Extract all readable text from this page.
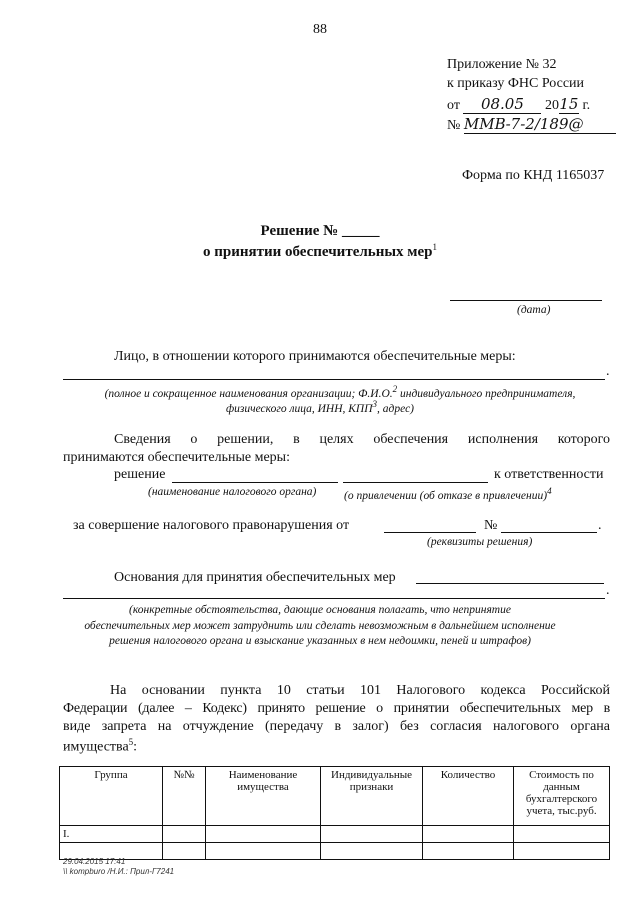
88
Приложение № 32
к приказу ФНС России
от 08.05 2015 г.
№ ММВ-7-2/189@
Форма по КНД 1165037
Решение № _____
о принятии обеспечительных мер$^1$
(дата)
Лицо, в отношении которого принимаются обеспечительные меры:
.
(полное и сокращенное наименования организации; Ф.И.О.$^2$ индивидуального предпринимателя,
физического лица, ИНН, КПП$^3$, адрес)
Сведения о решении, в целях обеспечения исполнения которого
принимаются обеспечительные меры:
решение	к ответственности
(наименование налогового органа) (о привлечении (об отказе в привлечении)$^4$
за совершение налогового правонарушения от	№	.
(реквизиты решения)
Основания для принятия обеспечительных мер
.
(конкретные обстоятельства, дающие основания полагать, что непринятие
обеспечительных мер может затруднить или сделать невозможным в дальнейшем исполнение
решения налогового органа и взыскание указанных в нем недоимки, пеней и штрафов)
На основании пункта 10 статьи 101 Налогового кодекса Российской
Федерации (далее – Кодекс) принято решение о принятии обеспечительных мер в
виде запрета на отчуждение (передачу в залог) без согласия налогового органа
имущества$^5$:
Группа	№№	Наименование имущества	Индивидуальные признаки	Количество	Стоимость по данным бухгалтерского учета, тыс.руб.
I.					

29.04.2015 17:41
\\ kompburo /Н.И.: Прил-Г7241
